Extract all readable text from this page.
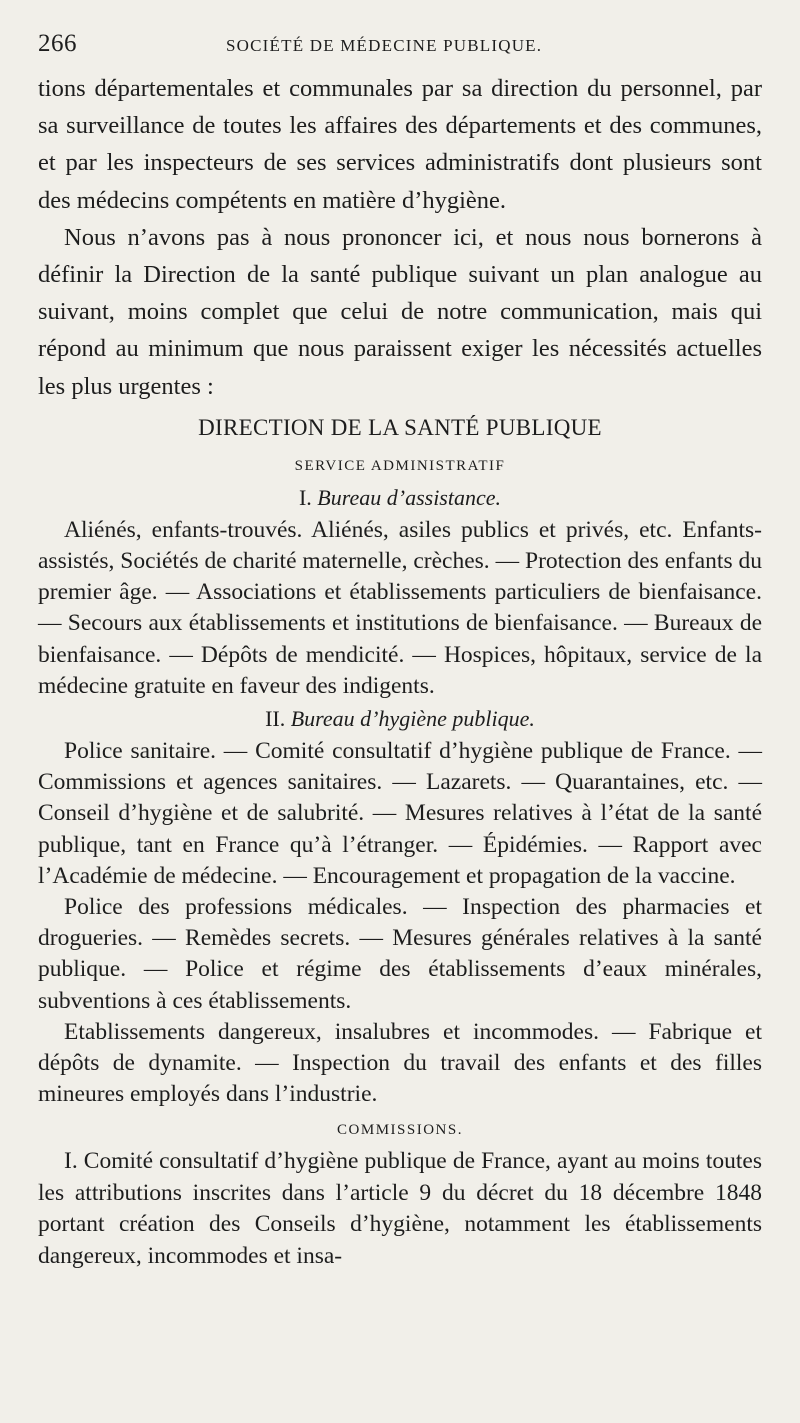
266	SOCIÉTÉ DE MÉDECINE PUBLIQUE.

tions départementales et communales par sa direction du personnel, par sa surveillance de toutes les affaires des départements et des communes, et par les inspecteurs de ses services administratifs dont plusieurs sont des médecins compétents en matière d’hygiène.

Nous n’avons pas à nous prononcer ici, et nous nous bornerons à définir la Direction de la santé publique suivant un plan analogue au suivant, moins complet que celui de notre communication, mais qui répond au minimum que nous paraissent exiger les nécessités actuelles les plus urgentes :

DIRECTION DE LA SANTÉ PUBLIQUE
SERVICE ADMINISTRATIF
I. Bureau d’assistance.

Aliénés, enfants-trouvés. Aliénés, asiles publics et privés, etc. Enfants-assistés, Sociétés de charité maternelle, crèches. — Protection des enfants du premier âge. — Associations et établissements particuliers de bienfaisance. — Secours aux établissements et institutions de bienfaisance. — Bureaux de bienfaisance. — Dépôts de mendicité. — Hospices, hôpitaux, service de la médecine gratuite en faveur des indigents.

II. Bureau d’hygiène publique.

Police sanitaire. — Comité consultatif d’hygiène publique de France. — Commissions et agences sanitaires. — Lazarets. — Quarantaines, etc. — Conseil d’hygiène et de salubrité. — Mesures relatives à l’état de la santé publique, tant en France qu’à l’étranger. — Épidémies. — Rapport avec l’Académie de médecine. — Encouragement et propagation de la vaccine.

Police des professions médicales. — Inspection des pharmacies et drogueries. — Remèdes secrets. — Mesures générales relatives à la santé publique. — Police et régime des établissements d’eaux minérales, subventions à ces établissements.

Etablissements dangereux, insalubres et incommodes. — Fabrique et dépôts de dynamite. — Inspection du travail des enfants et des filles mineures employés dans l’industrie.

COMMISSIONS.

I. Comité consultatif d’hygiène publique de France, ayant au moins toutes les attributions inscrites dans l’article 9 du décret du 18 décembre 1848 portant création des Conseils d’hygiène, notamment les établissements dangereux, incommodes et insa-
